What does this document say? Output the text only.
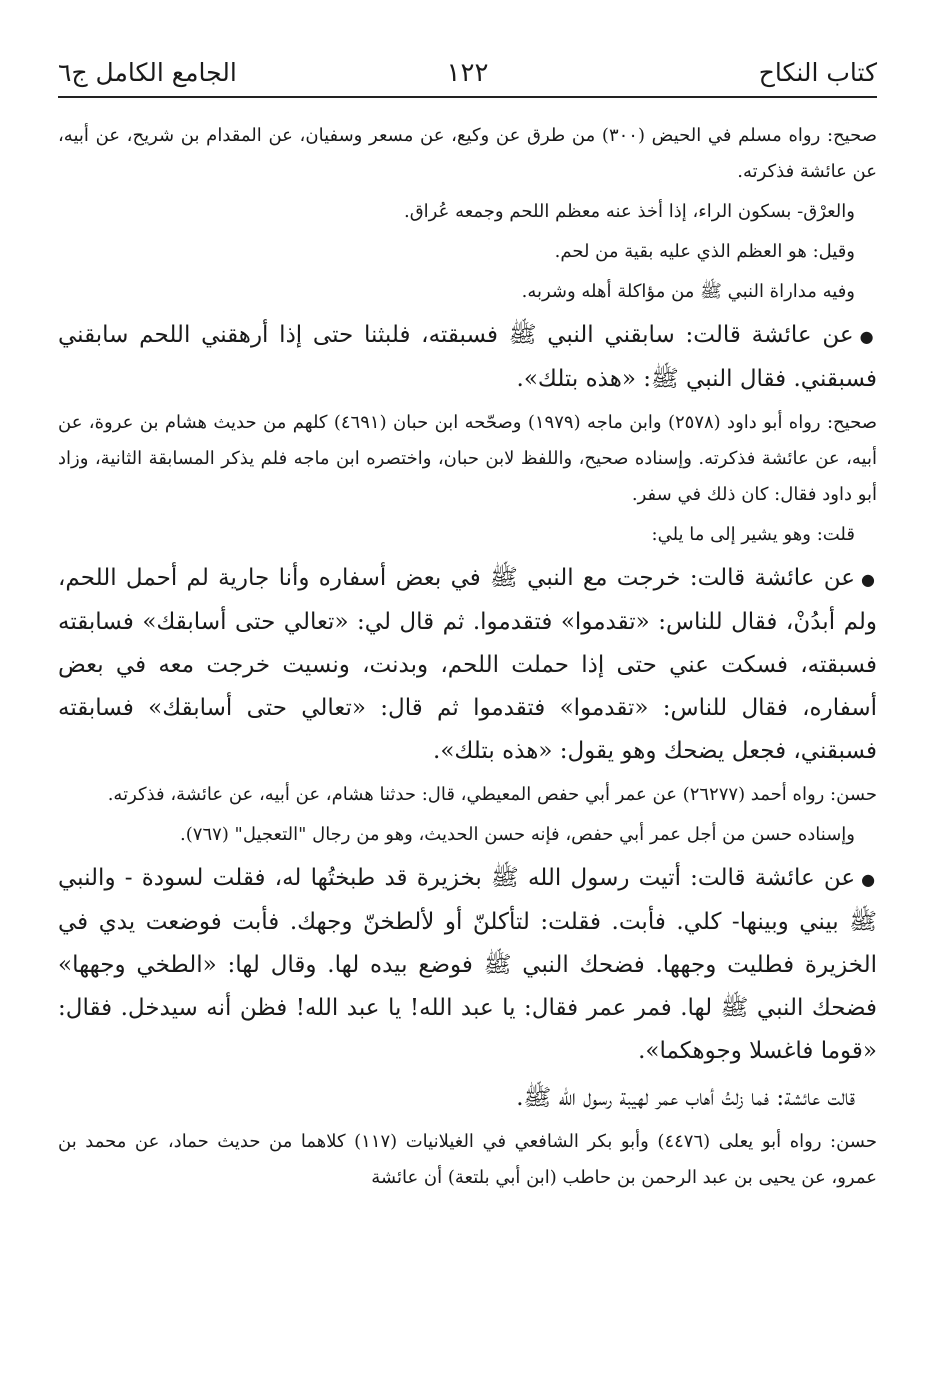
كتاب النكاح
١٢٢
الجامع الكامل ج٦

صحيح: رواه مسلم في الحيض (٣٠٠) من طرق عن وكيع، عن مسعر وسفيان، عن المقدام بن شريح، عن أبيه، عن عائشة فذكرته.

والعرْق- بسكون الراء، إذا أخذ عنه معظم اللحم وجمعه عُراق.

وقيل: هو العظم الذي عليه بقية من لحم.

وفيه مداراة النبي ﷺ من مؤاكلة أهله وشربه.

●عن عائشة قالت: سابقني النبي ﷺ فسبقته، فلبثنا حتى إذا أرهقني اللحم سابقني فسبقني. فقال النبي ﷺ: «هذه بتلك».

صحيح: رواه أبو داود (٢٥٧٨) وابن ماجه (١٩٧٩) وصحّحه ابن حبان (٤٦٩١) كلهم من حديث هشام بن عروة، عن أبيه، عن عائشة فذكرته. وإسناده صحيح، واللفظ لابن حبان، واختصره ابن ماجه فلم يذكر المسابقة الثانية، وزاد أبو داود فقال: كان ذلك في سفر.

قلت: وهو يشير إلى ما يلي:

●عن عائشة قالت: خرجت مع النبي ﷺ في بعض أسفاره وأنا جارية لم أحمل اللحم، ولم أبدُنْ، فقال للناس: «تقدموا» فتقدموا. ثم قال لي: «تعالي حتى أسابقك» فسابقته فسبقته، فسكت عني حتى إذا حملت اللحم، وبدنت، ونسيت خرجت معه في بعض أسفاره، فقال للناس: «تقدموا» فتقدموا ثم قال: «تعالي حتى أسابقك» فسابقته فسبقني، فجعل يضحك وهو يقول: «هذه بتلك».

حسن: رواه أحمد (٢٦٢٧٧) عن عمر أبي حفص المعيطي، قال: حدثنا هشام، عن أبيه، عن عائشة، فذكرته.

وإسناده حسن من أجل عمر أبي حفص، فإنه حسن الحديث، وهو من رجال "التعجيل" (٧٦٧).

●عن عائشة قالت: أتيت رسول الله ﷺ بخزيرة قد طبختُها له، فقلت لسودة - والنبي ﷺ بيني وبينها- كلي. فأبت. فقلت: لتأكلنّ أو لألطخنّ وجهك. فأبت فوضعت يدي في الخزيرة فطليت وجهها. فضحك النبي ﷺ فوضع بيده لها. وقال لها: «الطخي وجهها» فضحك النبي ﷺ لها. فمر عمر فقال: يا عبد الله! يا عبد الله! فظن أنه سيدخل. فقال: «قوما فاغسلا وجوهكما».

قالت عائشة: فما زلتُ أهاب عمر لهيبة رسول الله ﷺ.

حسن: رواه أبو يعلى (٤٤٧٦) وأبو بكر الشافعي في الغيلانيات (١١٧) كلاهما من حديث حماد، عن محمد بن عمرو، عن يحيى بن عبد الرحمن بن حاطب (ابن أبي بلتعة) أن عائشة
